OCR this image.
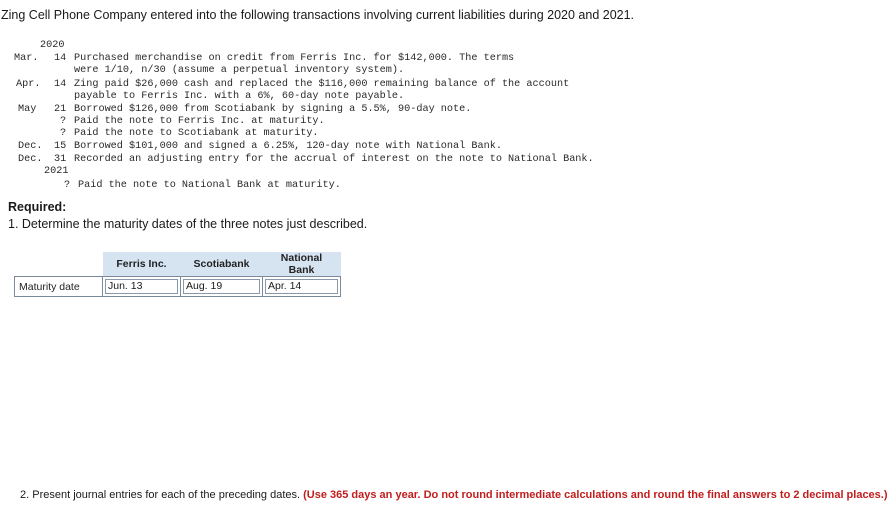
Zing Cell Phone Company entered into the following transactions involving current liabilities during 2020 and 2021.
2020
Mar. 14 Purchased merchandise on credit from Ferris Inc. for $142,000. The terms
were 1/10, n/30 (assume a perpetual inventory system).
Apr. 14 Zing paid $26,000 cash and replaced the $116,000 remaining balance of the account
payable to Ferris Inc. with a 6%, 60-day note payable.
May 21 Borrowed $126,000 from Scotiabank by signing a 5.5%, 90-day note.
? Paid the note to Ferris Inc. at maturity.
? Paid the note to Scotiabank at maturity.
Dec. 15 Borrowed $101,000 and signed a 6.25%, 120-day note with National Bank.
Dec. 31 Recorded an adjusting entry for the accrual of interest on the note to National Bank.
2021
? Paid the note to National Bank at maturity.
Required:
1. Determine the maturity dates of the three notes just described.
	Ferris Inc.	Scotiabank	National Bank
Maturity date	Jun. 13	Aug. 19	Apr. 14
2. Present journal entries for each of the preceding dates. (Use 365 days an year. Do not round intermediate calculations and round the final answers to 2 decimal places.)
